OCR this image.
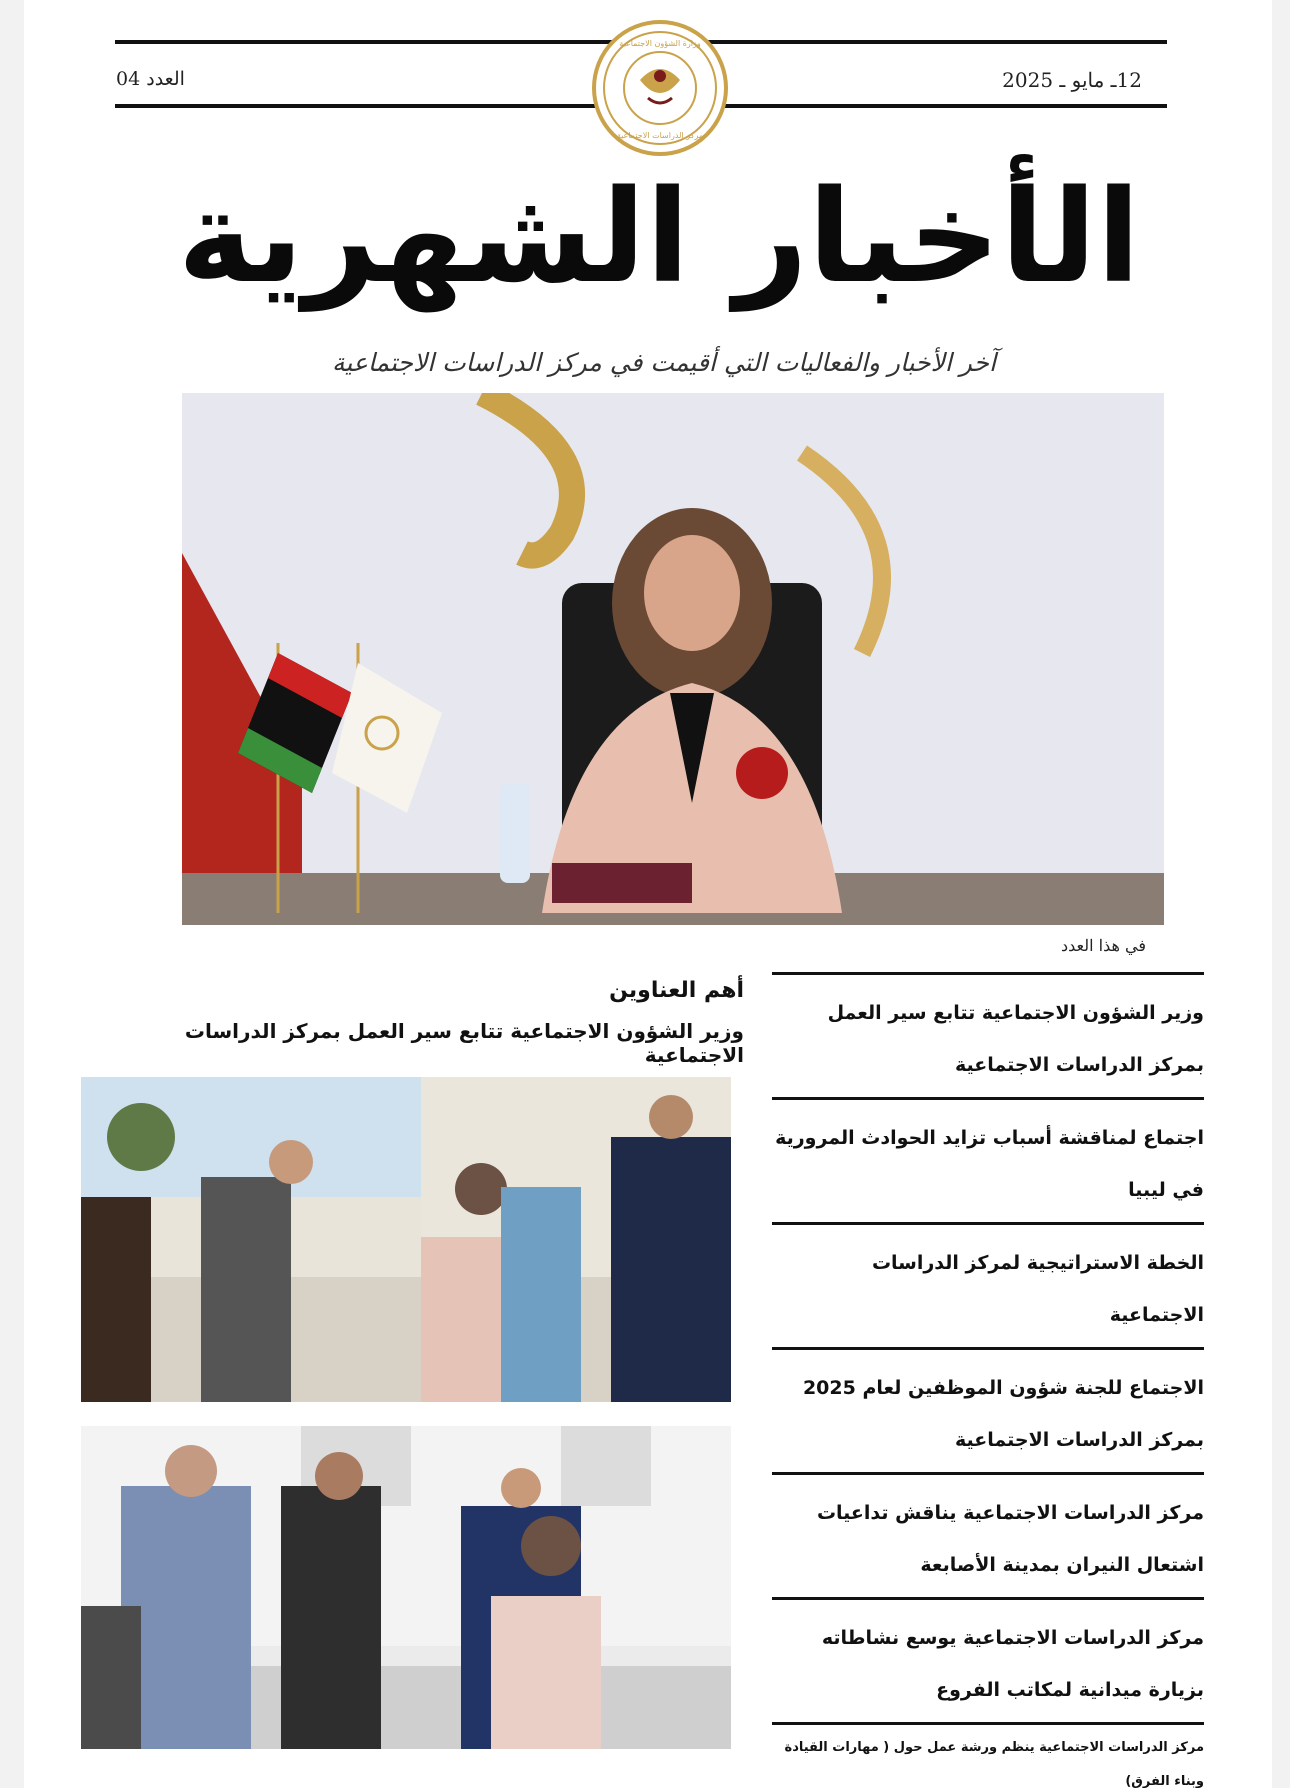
12ـ مايو ـ 2025
العدد 04
وزارة الشؤون الاجتماعية
مركز الدراسات الاجتماعية
الأخبار الشهرية
آخر الأخبار والفعاليات التي أقيمت في مركز الدراسات الاجتماعية
في هذا العدد
أهم العناوين
وزير الشؤون الاجتماعية تتابع سير العمل بمركز الدراسات الاجتماعية
وزير الشؤون الاجتماعية تتابع سير العمل بمركز الدراسات الاجتماعية
اجتماع لمناقشة أسباب تزايد الحوادث المرورية في ليبيا
الخطة الاستراتيجية لمركز الدراسات الاجتماعية
الاجتماع للجنة شؤون الموظفين لعام 2025 بمركز الدراسات الاجتماعية
مركز الدراسات الاجتماعية يناقش تداعيات اشتعال النيران بمدينة الأصابعة
مركز الدراسات الاجتماعية يوسع نشاطاته بزيارة ميدانية لمكاتب الفروع
مركز الدراسات الاجتماعية ينظم ورشة عمل حول ( مهارات القيادة وبناء الفرق)
